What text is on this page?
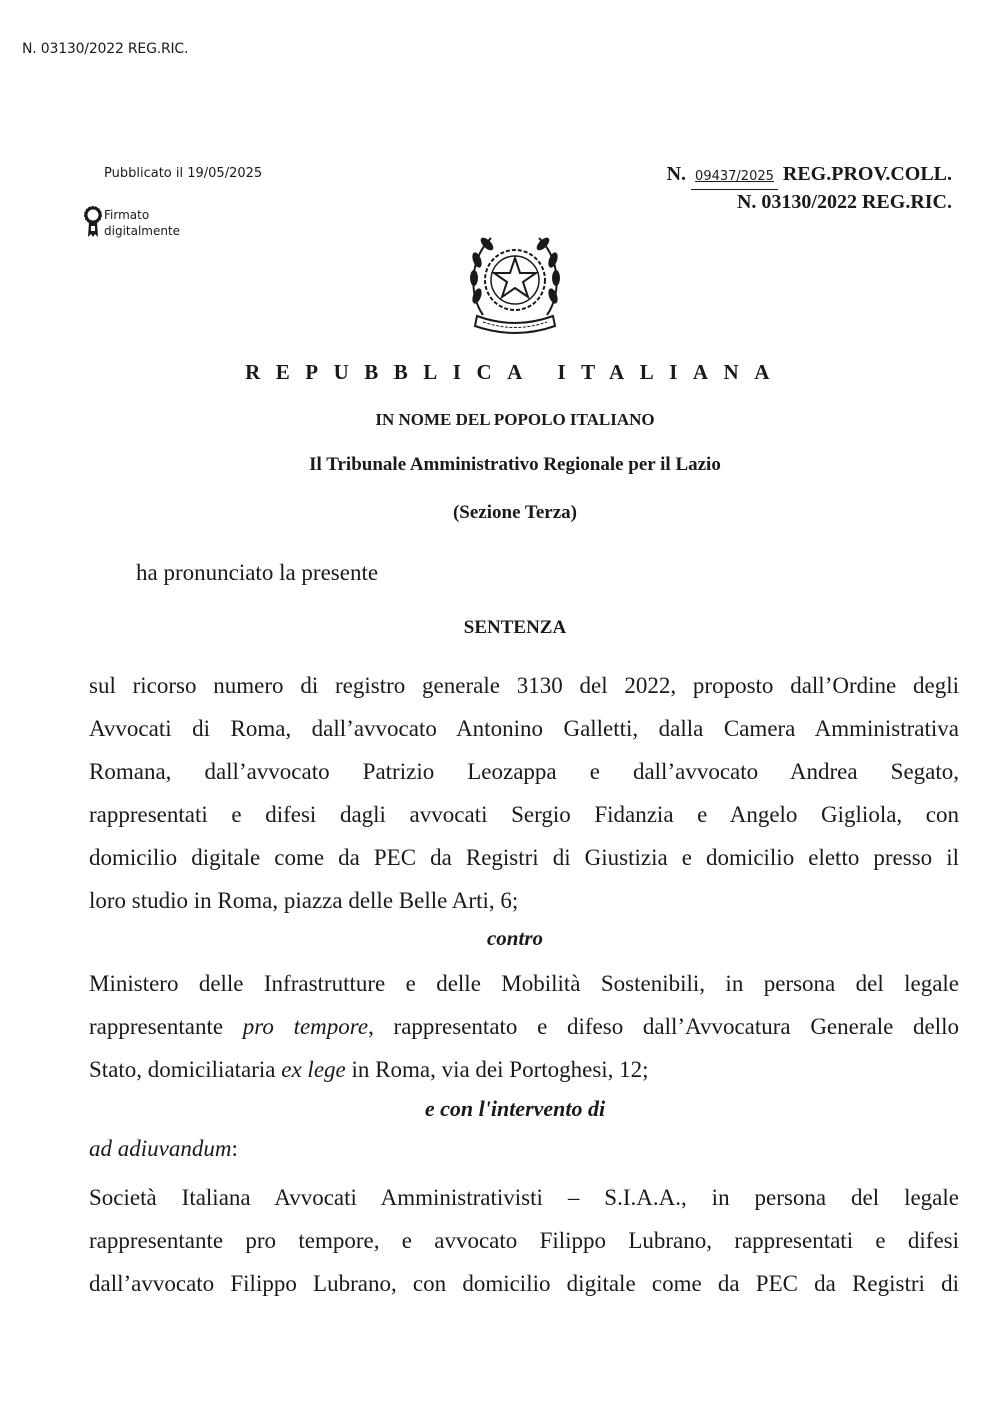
N. 03130/2022 REG.RIC.
Pubblicato il 19/05/2025
Firmato
digitalmente
N. 09437/2025 REG.PROV.COLL.
N. 03130/2022 REG.RIC.
REPUBBLICA ITALIANA
IN NOME DEL POPOLO ITALIANO
Il Tribunale Amministrativo Regionale per il Lazio
(Sezione Terza)
ha pronunciato la presente
SENTENZA
sul ricorso numero di registro generale 3130 del 2022, proposto dall’Ordine degli
Avvocati di Roma, dall’avvocato Antonino Galletti, dalla Camera Amministrativa
Romana, dall’avvocato Patrizio Leozappa e dall’avvocato Andrea Segato,
rappresentati e difesi dagli avvocati Sergio Fidanzia e Angelo Gigliola, con
domicilio digitale come da PEC da Registri di Giustizia e domicilio eletto presso il

loro studio in Roma, piazza delle Belle Arti, 6;

contro
Ministero delle Infrastrutture e delle Mobilità Sostenibili, in persona del legale
rappresentante pro tempore, rappresentato e difeso dall’Avvocatura Generale dello

Stato, domiciliataria ex lege in Roma, via dei Portoghesi, 12;

e con l'intervento di
ad adiuvandum:
Società Italiana Avvocati Amministrativisti – S.I.A.A., in persona del legale
rappresentante pro tempore, e avvocato Filippo Lubrano, rappresentati e difesi
dall’avvocato Filippo Lubrano, con domicilio digitale come da PEC da Registri di
